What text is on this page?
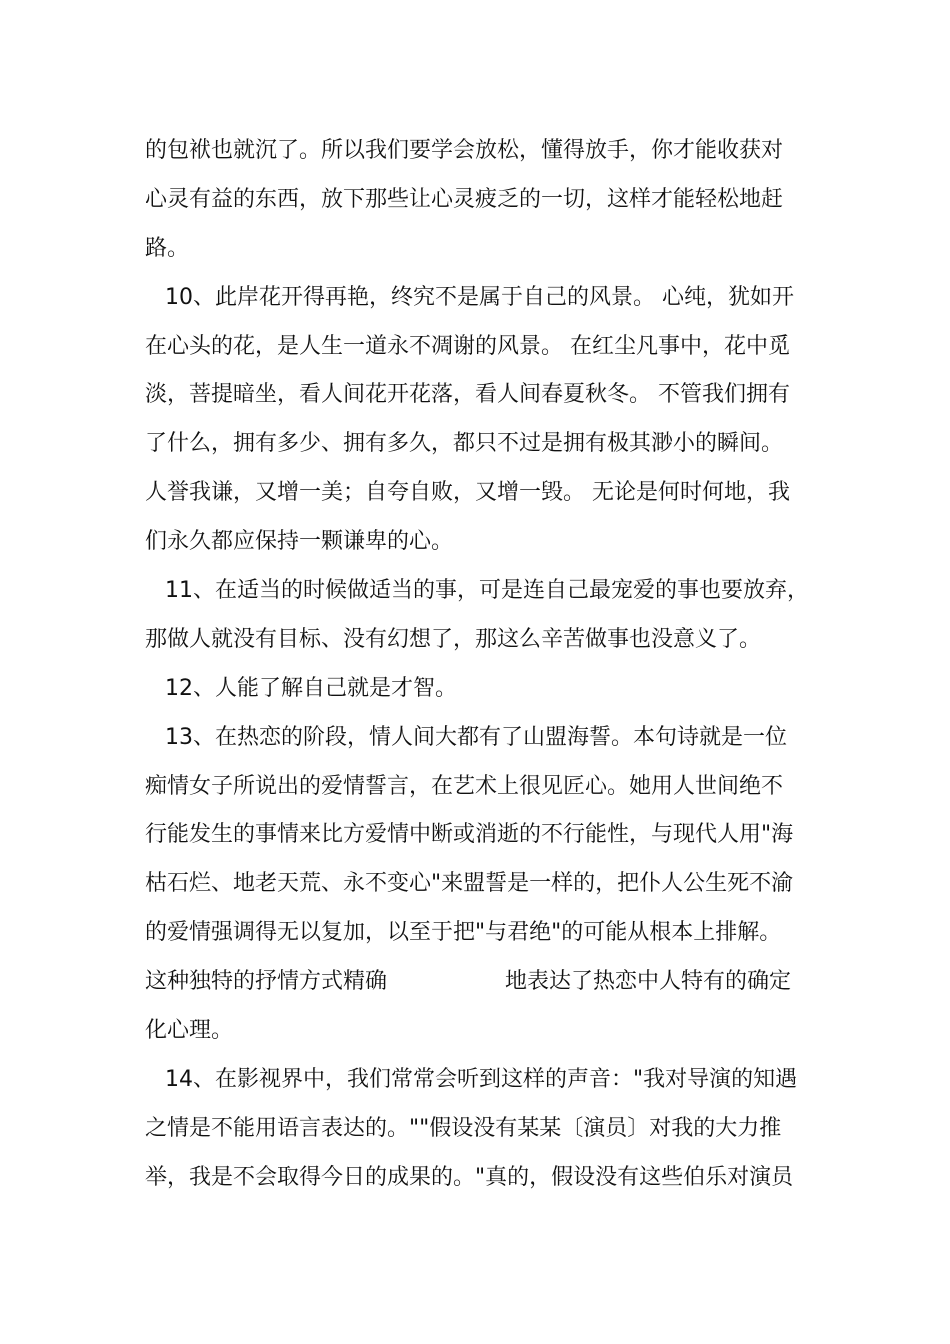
的包袱也就沉了。所以我们要学会放松，懂得放手，你才能收获对
心灵有益的东西，放下那些让心灵疲乏的一切，这样才能轻松地赶
路。
10、此岸花开得再艳，终究不是属于自己的风景。 心纯，犹如开
在心头的花，是人生一道永不凋谢的风景。 在红尘凡事中，花中觅
淡，菩提暗坐，看人间花开花落，看人间春夏秋冬。 不管我们拥有
了什么，拥有多少、拥有多久，都只不过是拥有极其渺小的瞬间。
人誉我谦，又增一美；自夸自败，又增一毁。 无论是何时何地，我
们永久都应保持一颗谦卑的心。
11、在适当的时候做适当的事，可是连自己最宠爱的事也要放弃，
那做人就没有目标、没有幻想了，那这么辛苦做事也没意义了。
12、人能了解自己就是才智。
13、在热恋的阶段，情人间大都有了山盟海誓。本句诗就是一位
痴情女子所说出的爱情誓言，在艺术上很见匠心。她用人世间绝不
行能发生的事情来比方爱情中断或消逝的不行能性，与现代人用"海
枯石烂、地老天荒、永不变心"来盟誓是一样的，把仆人公生死不渝
的爱情强调得无以复加，以至于把"与君绝"的可能从根本上排解。
这种独特的抒情方式精确	地表达了热恋中人特有的确定
化心理。
14、在影视界中，我们常常会听到这样的声音："我对导演的知遇
之情是不能用语言表达的。""假设没有某某〔演员〕对我的大力推
举，我是不会取得今日的成果的。"真的，假设没有这些伯乐对演员
